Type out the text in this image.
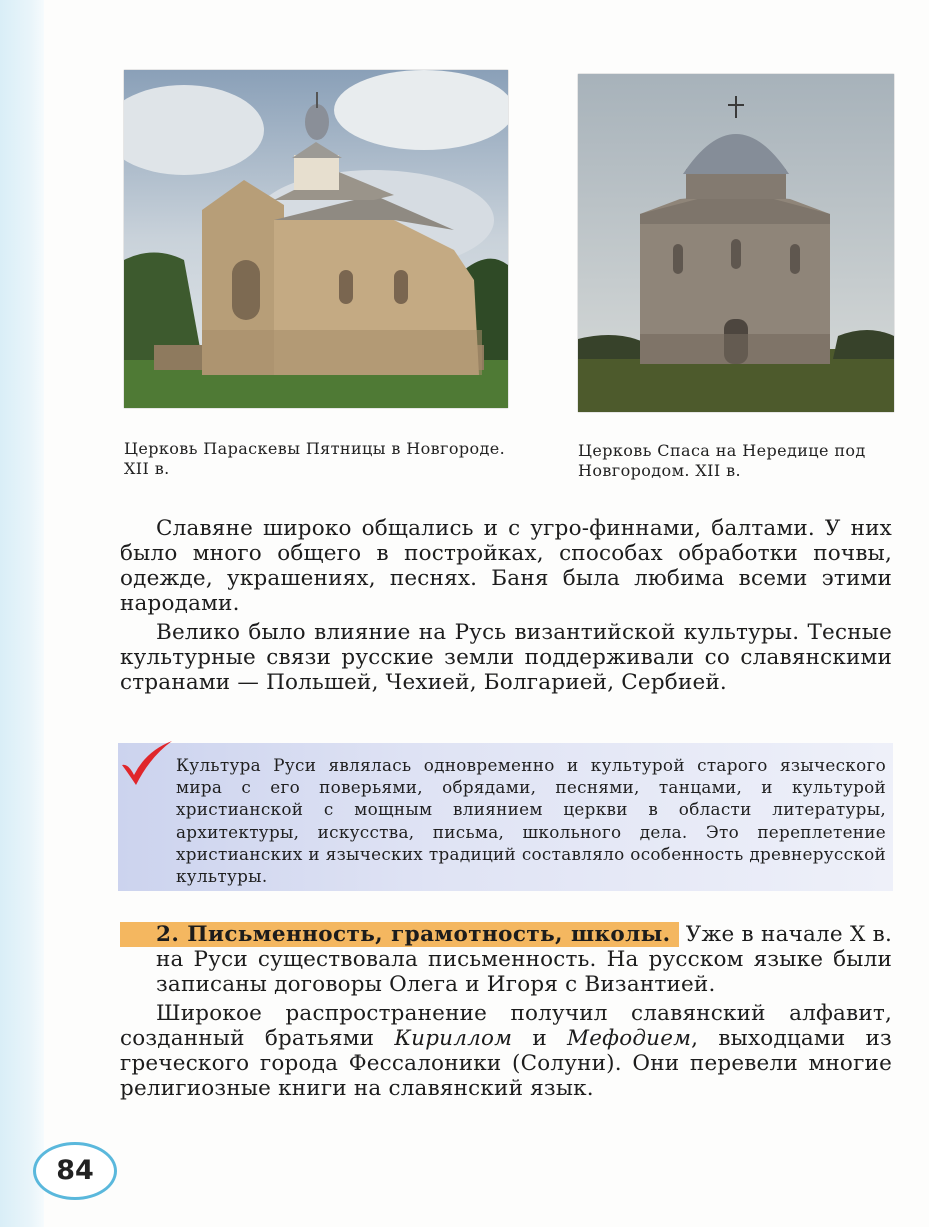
Церковь Параскевы Пятницы в Новгороде. XII в.
Церковь Спаса на Нередице под Новгородом. XII в.

Славяне широко общались и с угро-финнами, балтами. У них было много общего в постройках, способах обработки почвы, одежде, украшениях, песнях. Баня была любима всеми этими народами.

Велико было влияние на Русь византийской культуры. Тесные культурные связи русские земли поддерживали со славянскими странами — Польшей, Чехией, Болгарией, Сербией.

Культура Руси являлась одновременно и культурой старого языческого мира с его поверьями, обрядами, песнями, танцами, и культурой христианской с мощным влиянием церкви в области литературы, архитектуры, искусства, письма, школьного дела. Это переплетение христианских и языческих традиций составляло особенность древнерусской культуры.

2. Письменность, грамотность, школы. Уже в начале X в. на Руси существовала письменность. На русском языке были записаны договоры Олега и Игоря с Византией.

Широкое распространение получил славянский алфавит, созданный братьями Кириллом и Мефодием, выходцами из греческого города Фессалоники (Солуни). Они перевели многие религиозные книги на славянский язык.

84
